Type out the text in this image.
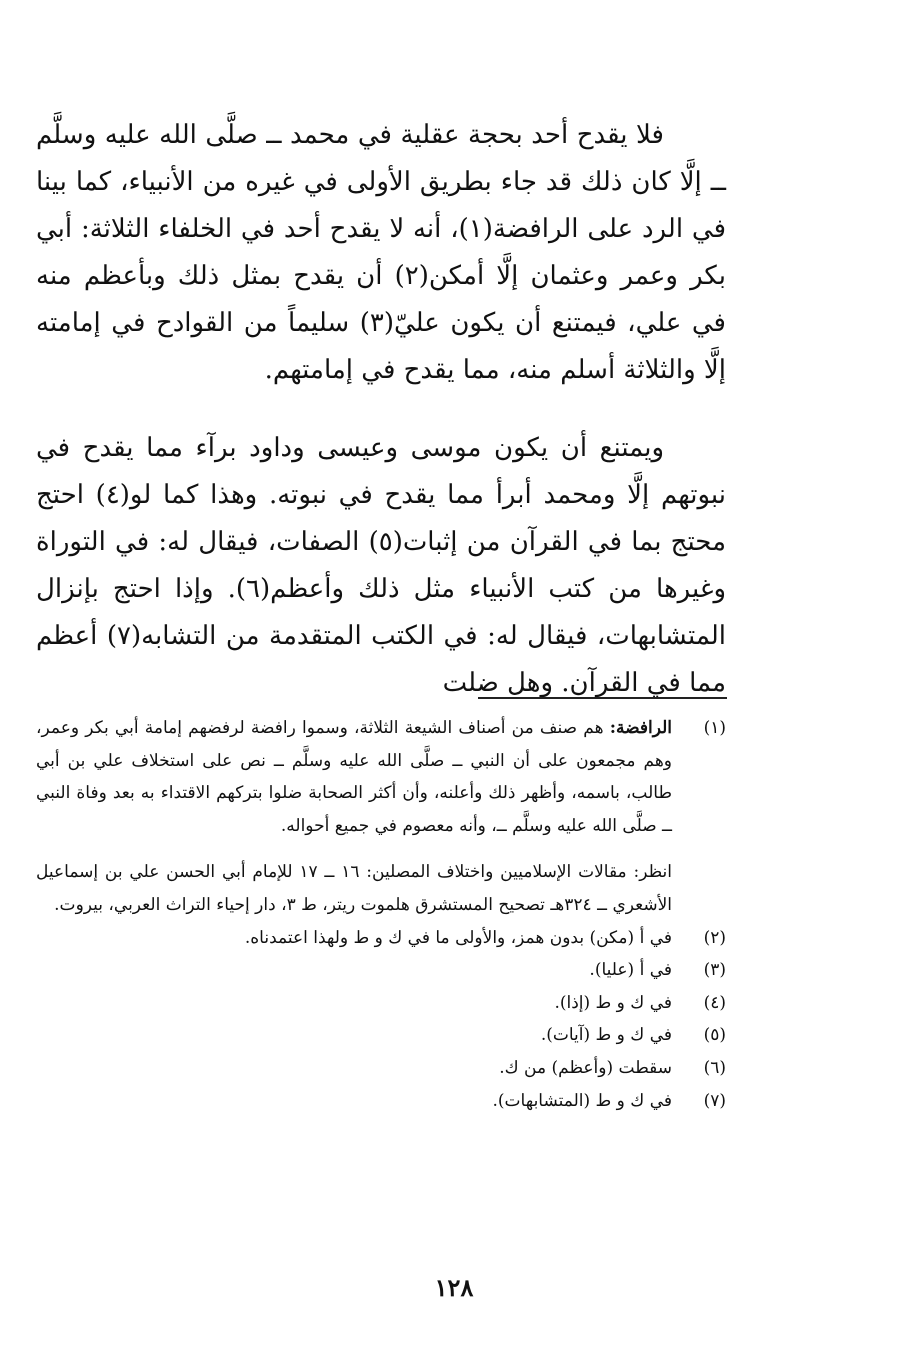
فلا يقدح أحد بحجة عقلية في محمد ــ صلَّى الله عليه وسلَّم ــ إلَّا كان ذلك قد جاء بطريق الأولى في غيره من الأنبياء، كما بينا في الرد على الرافضة(١)، أنه لا يقدح أحد في الخلفاء الثلاثة: أبي بكر وعمر وعثمان إلَّا أمكن(٢) أن يقدح بمثل ذلك وبأعظم منه في علي، فيمتنع أن يكون عليّ(٣) سليماً من القوادح في إمامته إلَّا والثلاثة أسلم منه، مما يقدح في إمامتهم.

ويمتنع أن يكون موسى وعيسى وداود برآء مما يقدح في نبوتهم إلَّا ومحمد أبرأ مما يقدح في نبوته. وهذا كما لو(٤) احتج محتج بما في القرآن من إثبات(٥) الصفات، فيقال له: في التوراة وغيرها من كتب الأنبياء مثل ذلك وأعظم(٦). وإذا احتج بإنزال المتشابهات، فيقال له: في الكتب المتقدمة من التشابه(٧) أعظم مما في القرآن. وهل ضلت

(١)
الرافضة: هم صنف من أصناف الشيعة الثلاثة، وسموا رافضة لرفضهم إمامة أبي بكر وعمر، وهم مجمعون على أن النبي ــ صلَّى الله عليه وسلَّم ــ نص على استخلاف علي بن أبي طالب، باسمه، وأظهر ذلك وأعلنه، وأن أكثر الصحابة ضلوا بتركهم الاقتداء به بعد وفاة النبي ــ صلَّى الله عليه وسلَّم ــ، وأنه معصوم في جميع أحواله.
انظر: مقالات الإسلاميين واختلاف المصلين: ١٦ ــ ١٧ للإمام أبي الحسن علي بن إسماعيل الأشعري ــ ٣٢٤هـ تصحيح المستشرق هلموت ريتر، ط ٣، دار إحياء التراث العربي، بيروت.
(٢)
في أ (مكن) بدون همز، والأولى ما في ك و ط ولهذا اعتمدناه.
(٣)
في أ (عليا).
(٤)
في ك و ط (إذا).
(٥)
في ك و ط (آيات).
(٦)
سقطت (وأعظم) من ك.
(٧)
في ك و ط (المتشابهات).
١٢٨
